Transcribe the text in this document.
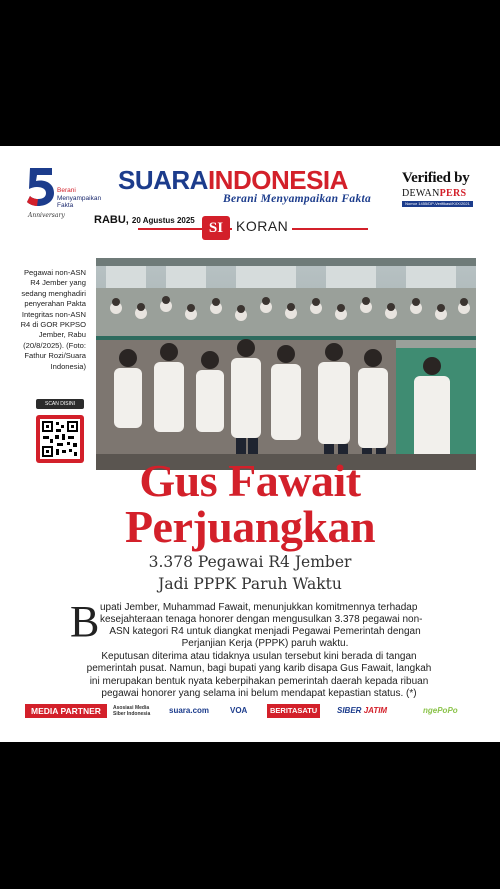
Berani
Menyampaikan
Fakta
Anniversary
SUARAINDONESIA
Berani Menyampaikan Fakta
Verified by
DEWANPERS
Nomor 1455/DP-Verifikasi/K/IX/2021
RABU, 20 Agustus 2025 SI KORAN
Pegawai non-ASN R4 Jember yang sedang menghadiri penyerahan Pakta Integritas non-ASN R4 di GOR PKPSO Jember, Rabu (20/8/2025). (Foto: Fathur Rozi/Suara Indonesia)
SCAN DISINI
Gus Fawait
Perjuangkan
3.378 Pegawai R4 Jember
Jadi PPPK Paruh Waktu
B upati Jember, Muhammad Fawait, menunjukkan komitmennya terhadap
kesejahteraan tenaga honorer dengan mengusulkan 3.378 pegawai non-
ASN kategori R4 untuk diangkat menjadi Pegawai Pemerintah dengan Perjanjian Kerja (PPPK) paruh waktu.
Keputusan diterima atau tidaknya usulan tersebut kini berada di tangan pemerintah pusat. Namun, bagi bupati yang karib disapa Gus Fawait, langkah ini merupakan bentuk nyata keberpihakan pemerintah daerah kepada ribuan pegawai honorer yang selama ini belum mendapat kepastian status. (*)
MEDIA PARTNER	Asosiasi Media Siber Indonesia	suara.com	VOA	BERITASATU	SIBER JATIM	ngePoPo
